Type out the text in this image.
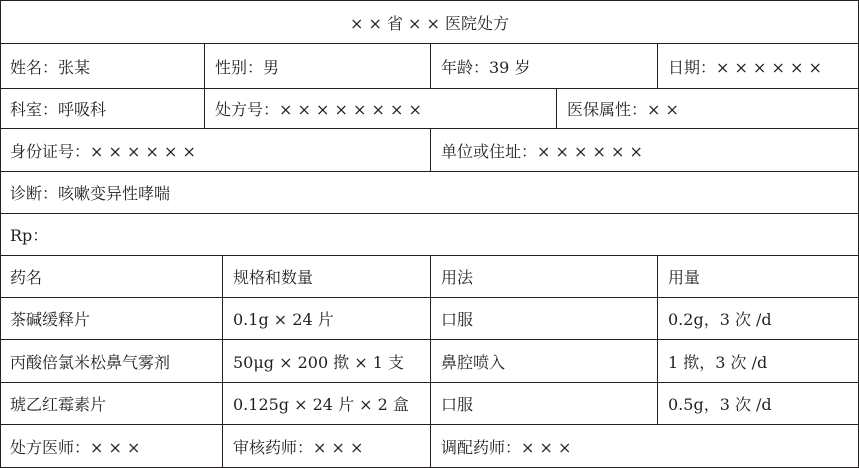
× × 省 × × 医院处方
姓名：张某	性别：男	年龄：39 岁	日期：× × × × × ×
科室：呼吸科	处方号：× × × × × × × ×	医保属性：× ×
身份证号：× × × × × ×	单位或住址：× × × × × ×
诊断：咳嗽变异性哮喘
Rp：
药名	规格和数量	用法	用量
茶碱缓释片	0.1g × 24 片	口服	0.2g，3 次 /d
丙酸倍氯米松鼻气雾剂	50μg × 200 揿 × 1 支	鼻腔喷入	1 揿，3 次 /d
琥乙红霉素片	0.125g × 24 片 × 2 盒	口服	0.5g，3 次 /d
处方医师：× × ×	审核药师：× × ×	调配药师：× × ×
